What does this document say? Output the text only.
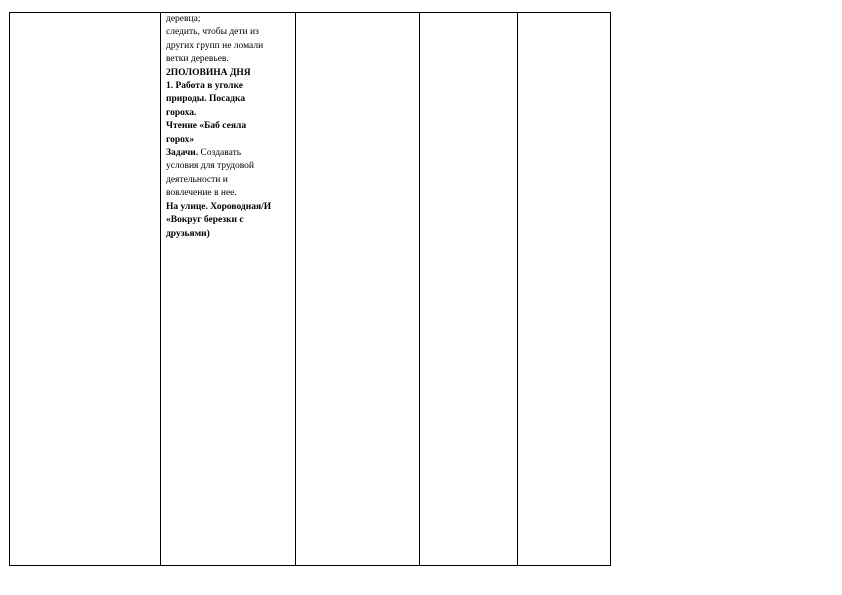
деревца;
следить, чтобы дети из
других групп не ломали
ветки деревьев.
2ПОЛОВИНА ДНЯ
1. Работа в уголке
природы. Посадка
гороха.
Чтение «Баб сеяла
горох»
Задачи. Создавать
условия для трудовой
деятельности и
вовлечение в нее.
На улице. Хороводная/И
«Вокруг березки с
друзьями)
